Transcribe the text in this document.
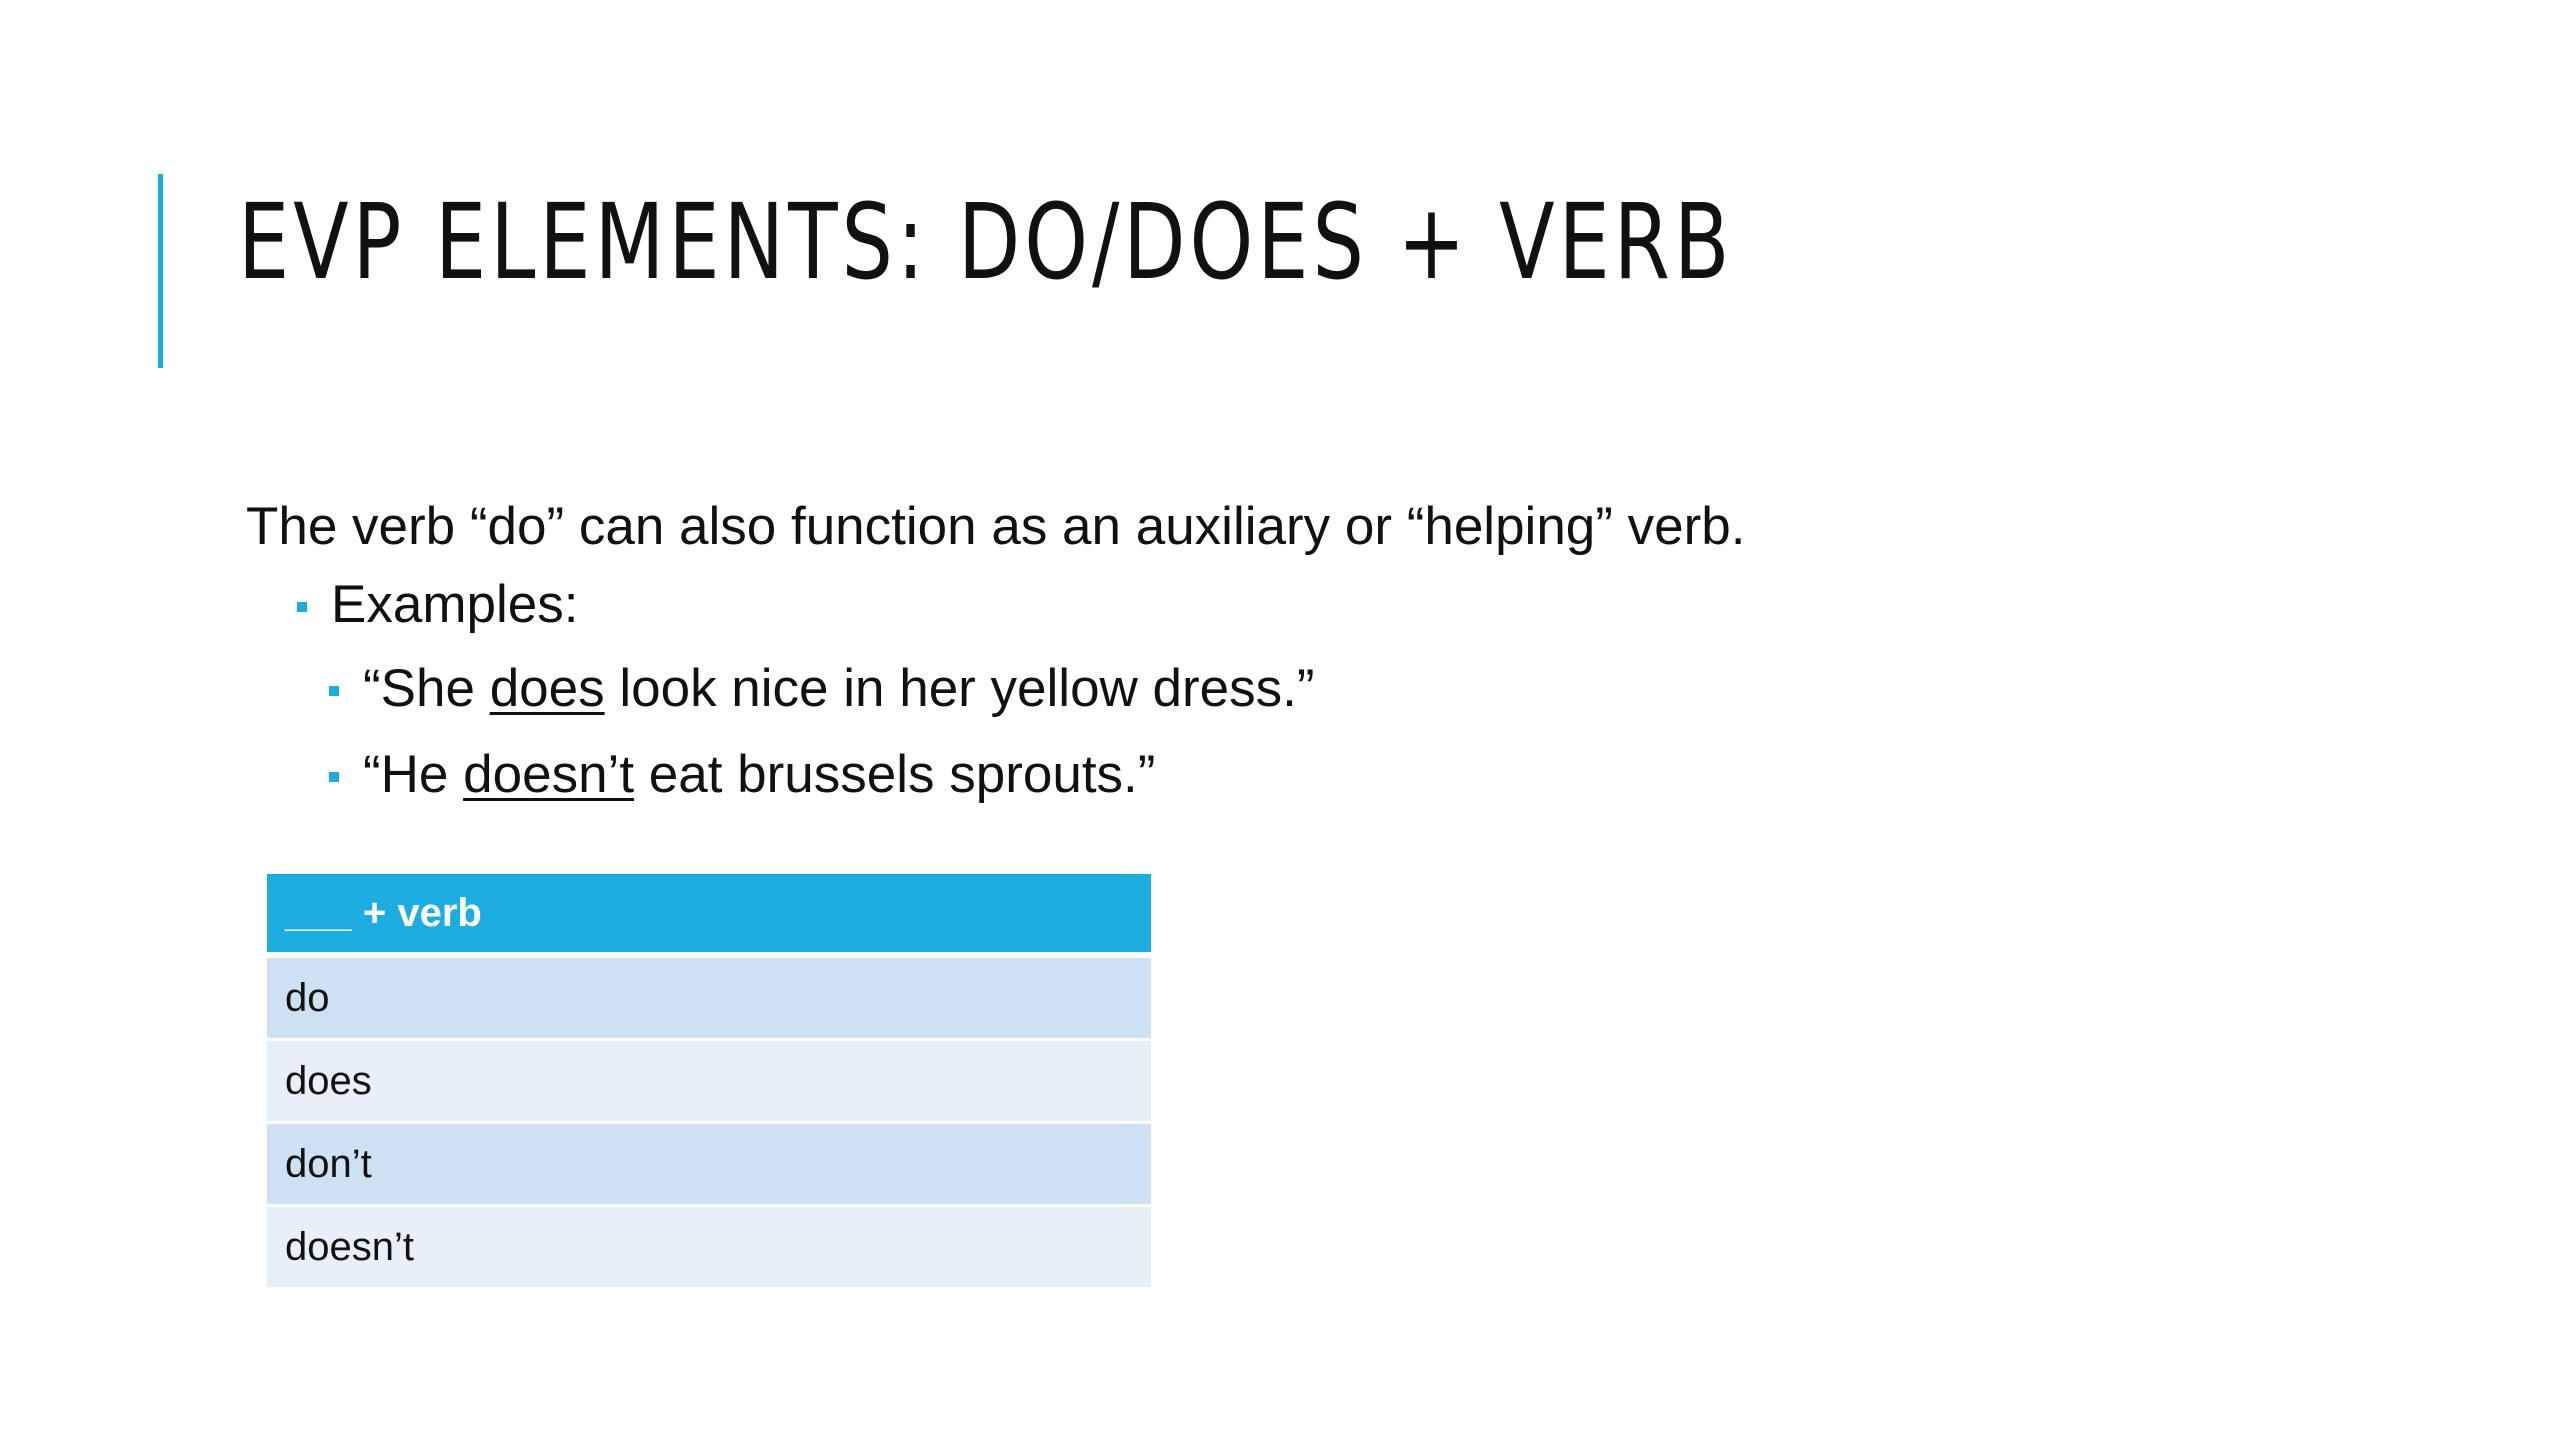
EVP ELEMENTS: DO/DOES + VERB

The verb “do” can also function as an auxiliary or “helping” verb.

Examples:
“She does look nice in her yellow dress.”
“He doesn’t eat brussels sprouts.”
___ + verb
do
does
don’t
doesn’t
